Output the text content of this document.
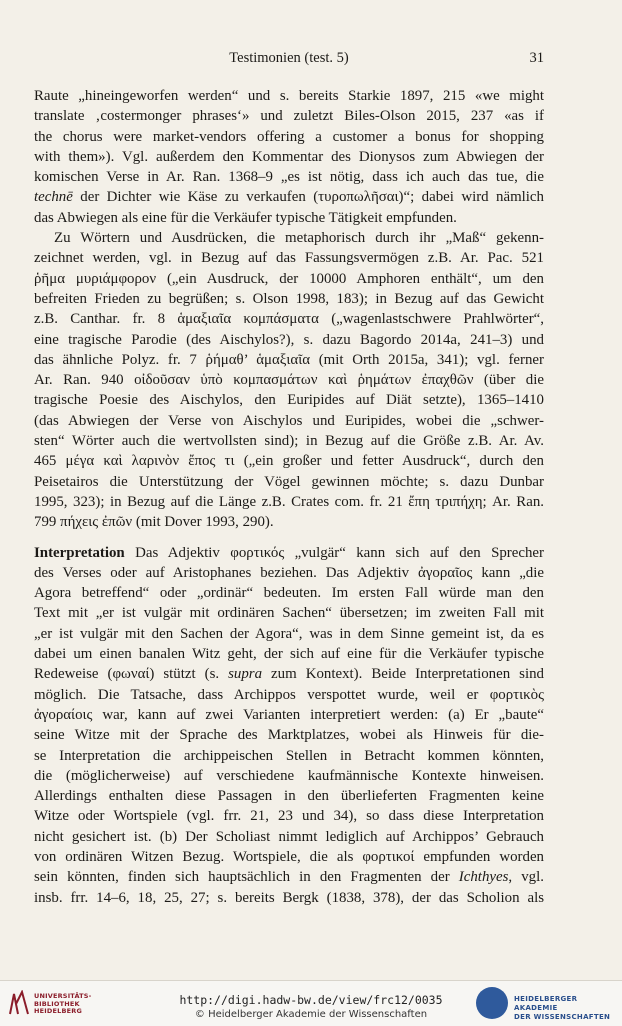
Testimonien (test. 5)	31

Raute „hineingeworfen werden“ und s. bereits Starkie 1897, 215 «we might
translate ‚costermonger phrases‘» und zuletzt Biles-Olson 2015, 237 «as if
the chorus were market-vendors offering a customer a bonus for shopping
with them»). Vgl. außerdem den Kommentar des Dionysos zum Abwiegen der
komischen Verse in Ar. Ran. 1368–9 „es ist nötig, dass ich auch das tue, die
technē der Dichter wie Käse zu verkaufen (τυροπωλῆσαι)“; dabei wird nämlich
das Abwiegen als eine für die Verkäufer typische Tätigkeit empfunden.

Zu Wörtern und Ausdrücken, die metaphorisch durch ihr „Maß“ gekenn-
zeichnet werden, vgl. in Bezug auf das Fassungsvermögen z.B. Ar. Pac. 521
ῥῆμα μυριάμφορον („ein Ausdruck, der 10000 Amphoren enthält“, um den
befreiten Frieden zu begrüßen; s. Olson 1998, 183); in Bezug auf das Gewicht
z.B. Canthar. fr. 8 ἁμαξιαῖα κομπάσματα („wagenlastschwere Prahlwörter“,
eine tragische Parodie (des Aischylos?), s. dazu Bagordo 2014a, 241–3) und
das ähnliche Polyz. fr. 7 ῥήμαθ’ ἁμαξιαῖα (mit Orth 2015a, 341); vgl. ferner
Ar. Ran. 940 οἰδοῦσαν ὑπὸ κομπασμάτων καὶ ῥημάτων ἐπαχθῶν (über die
tragische Poesie des Aischylos, den Euripides auf Diät setzte), 1365–1410
(das Abwiegen der Verse von Aischylos und Euripides, wobei die „schwer-
sten“ Wörter auch die wertvollsten sind); in Bezug auf die Größe z.B. Ar. Av.
465 μέγα καὶ λαρινὸν ἔπος τι („ein großer und fetter Ausdruck“, durch den
Peisetairos die Unterstützung der Vögel gewinnen möchte; s. dazu Dunbar
1995, 323); in Bezug auf die Länge z.B. Crates com. fr. 21 ἔπη τριπήχη; Ar. Ran.
799 πήχεις ἐπῶν (mit Dover 1993, 290).

Interpretation Das Adjektiv φορτικός „vulgär“ kann sich auf den Sprecher
des Verses oder auf Aristophanes beziehen. Das Adjektiv ἀγοραῖος kann „die
Agora betreffend“ oder „ordinär“ bedeuten. Im ersten Fall würde man den
Text mit „er ist vulgär mit ordinären Sachen“ übersetzen; im zweiten Fall mit
„er ist vulgär mit den Sachen der Agora“, was in dem Sinne gemeint ist, da es
dabei um einen banalen Witz geht, der sich auf eine für die Verkäufer typische
Redeweise (φωναί) stützt (s. supra zum Kontext). Beide Interpretationen sind
möglich. Die Tatsache, dass Archippos verspottet wurde, weil er φορτικὸς
ἀγοραίοις war, kann auf zwei Varianten interpretiert werden: (a) Er „baute“
seine Witze mit der Sprache des Marktplatzes, wobei als Hinweis für die-
se Interpretation die archippeischen Stellen in Betracht kommen könnten,
die (möglicherweise) auf verschiedene kaufmännische Kontexte hinweisen.
Allerdings enthalten diese Passagen in den überlieferten Fragmenten keine
Witze oder Wortspiele (vgl. frr. 21, 23 und 34), so dass diese Interpretation
nicht gesichert ist. (b) Der Scholiast nimmt lediglich auf Archippos’ Gebrauch
von ordinären Witzen Bezug. Wortspiele, die als φορτικοί empfunden worden
sein könnten, finden sich hauptsächlich in den Fragmenten der Ichthyes, vgl.
insb. frr. 14–6, 18, 25, 27; s. bereits Bergk (1838, 378), der das Scholion als

UNIVERSITÄTS-
BIBLIOTHEK
HEIDELBERG
http://digi.hadw-bw.de/view/frc12/0035
© Heidelberger Akademie der Wissenschaften
HEIDELBERGER AKADEMIE
DER WISSENSCHAFTEN
